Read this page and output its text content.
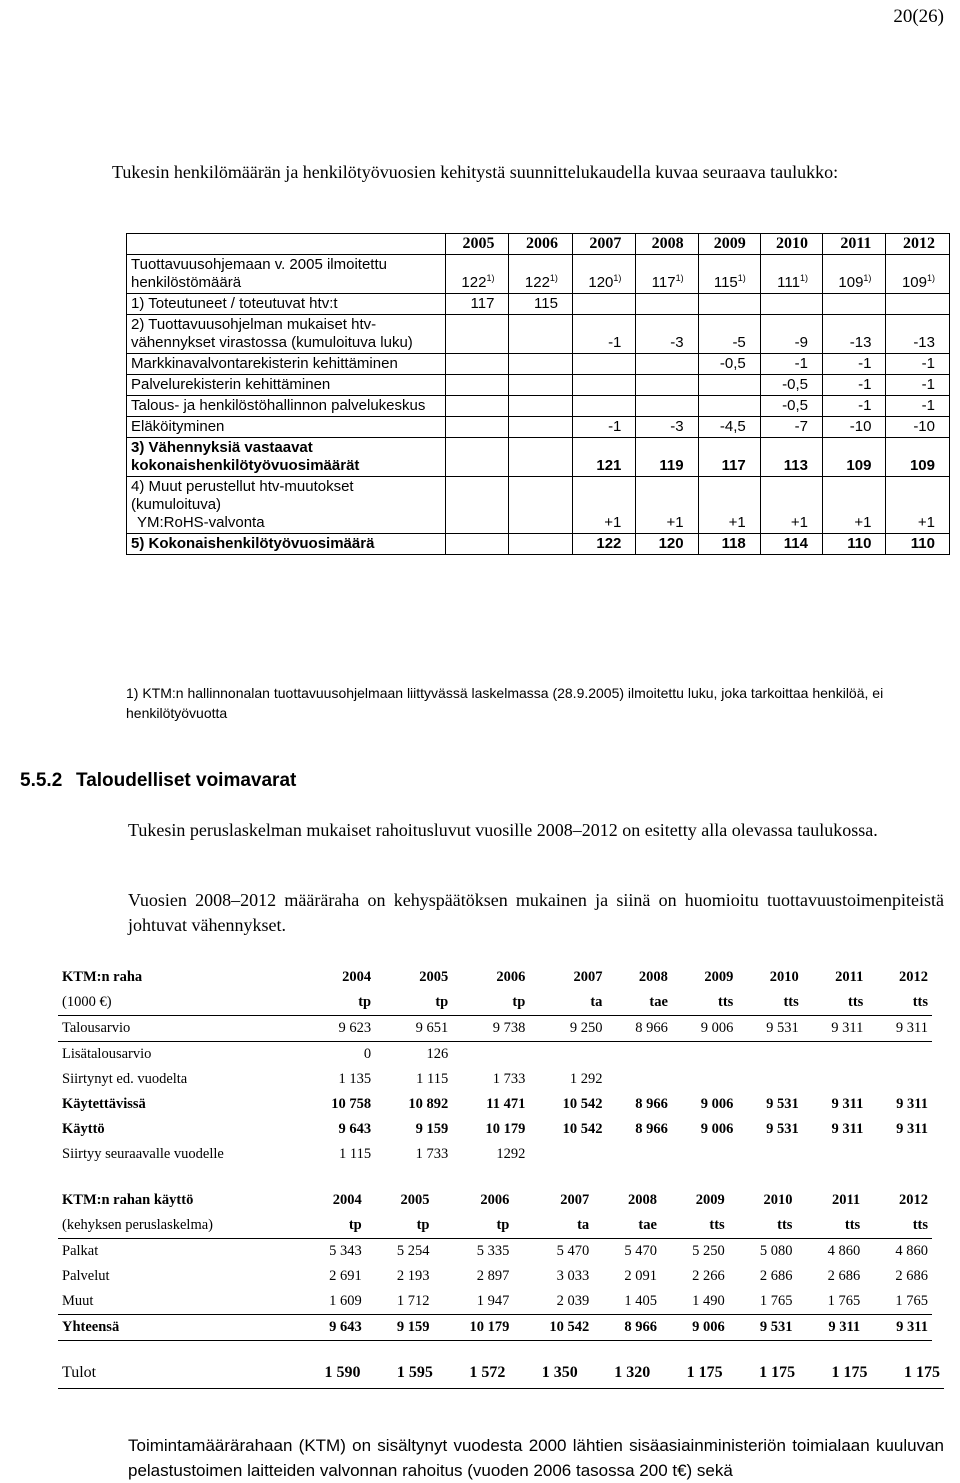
20(26)
Tukesin henkilömäärän ja henkilötyövuosien kehitystä suunnittelukaudella kuvaa seuraava taulukko:
	2005	2006	2007	2008	2009	2010	2011	2012

Tuottavuusohjemaan v. 2005 ilmoitettu henkilöstömäärä	122$^{1)}$	122$^{1)}$	120$^{1)}$	117$^{1)}$	115$^{1)}$	111$^{1)}$	109$^{1)}$	109$^{1)}$

1) Toteutuneet / toteutuvat htv:t	117	115						

2) Tuottavuusohjelman mukaiset htv-vähennykset virastossa (kumuloituva luku)			-1	-3	-5	-9	-13	-13

Markkinavalvontarekisterin kehittäminen					-0,5	-1	-1	-1

Palvelurekisterin kehittäminen						-0,5	-1	-1

Talous- ja henkilöstöhallinnon palvelukeskus						-0,5	-1	-1

Eläköityminen			-1	-3	-4,5	-7	-10	-10

3) Vähennyksiä vastaavat kokonaishenkilötyövuosimäärät			121	119	117	113	109	109

4) Muut perustellut htv-muutokset (kumuloituva)
YM:RoHS-valvonta			+1	+1	+1	+1	+1	+1

5) Kokonaishenkilötyövuosimäärä			122	120	118	114	110	110
1) KTM:n hallinnonalan tuottavuusohjelmaan liittyvässä laskelmassa (28.9.2005) ilmoitettu luku, joka tarkoittaa henkilöä, ei henkilötyövuotta
5.5.2 Taloudelliset voimavarat
Tukesin peruslaskelman mukaiset rahoitusluvut vuosille 2008–2012 on esitetty alla olevassa taulukossa.
Vuosien 2008–2012 määräraha on kehyspäätöksen mukainen ja siinä on huomioitu tuottavuustoimenpiteistä johtuvat vähennykset.
KTM:n raha	2004	2005	2006	2007	2008	2009	2010	2011	2012
(1000 €)	tp	tp	tp	ta	tae	tts	tts	tts	tts
Talousarvio	9 623	9 651	9 738	9 250	8 966	9 006	9 531	9 311	9 311
Lisätalousarvio	0	126							
Siirtynyt ed. vuodelta	1 135	1 115	1 733	1 292					
Käytettävissä	10 758	10 892	11 471	10 542	8 966	9 006	9 531	9 311	9 311
Käyttö	9 643	9 159	10 179	10 542	8 966	9 006	9 531	9 311	9 311
Siirtyy seuraavalle vuodelle	1 115	1 733	1292						
KTM:n rahan käyttö	2004	2005	2006	2007	2008	2009	2010	2011	2012
(kehyksen peruslaskelma)	tp	tp	tp	ta	tae	tts	tts	tts	tts
Palkat	5 343	5 254	5 335	5 470	5 470	5 250	5 080	4 860	4 860
Palvelut	2 691	2 193	2 897	3 033	2 091	2 266	2 686	2 686	2 686
Muut	1 609	1 712	1 947	2 039	1 405	1 490	1 765	1 765	1 765
Yhteensä	9 643	9 159	10 179	10 542	8 966	9 006	9 531	9 311	9 311
Tulot	1 590	1 595	1 572	1 350	1 320	1 175	1 175	1 175	1 175
Toimintamäärärahaan (KTM) on sisältynyt vuodesta 2000 lähtien sisäasiainministeriön toimialaan kuuluvan pelastustoimen laitteiden valvonnan rahoitus (vuoden 2006 tasossa 200 t€) sekä
